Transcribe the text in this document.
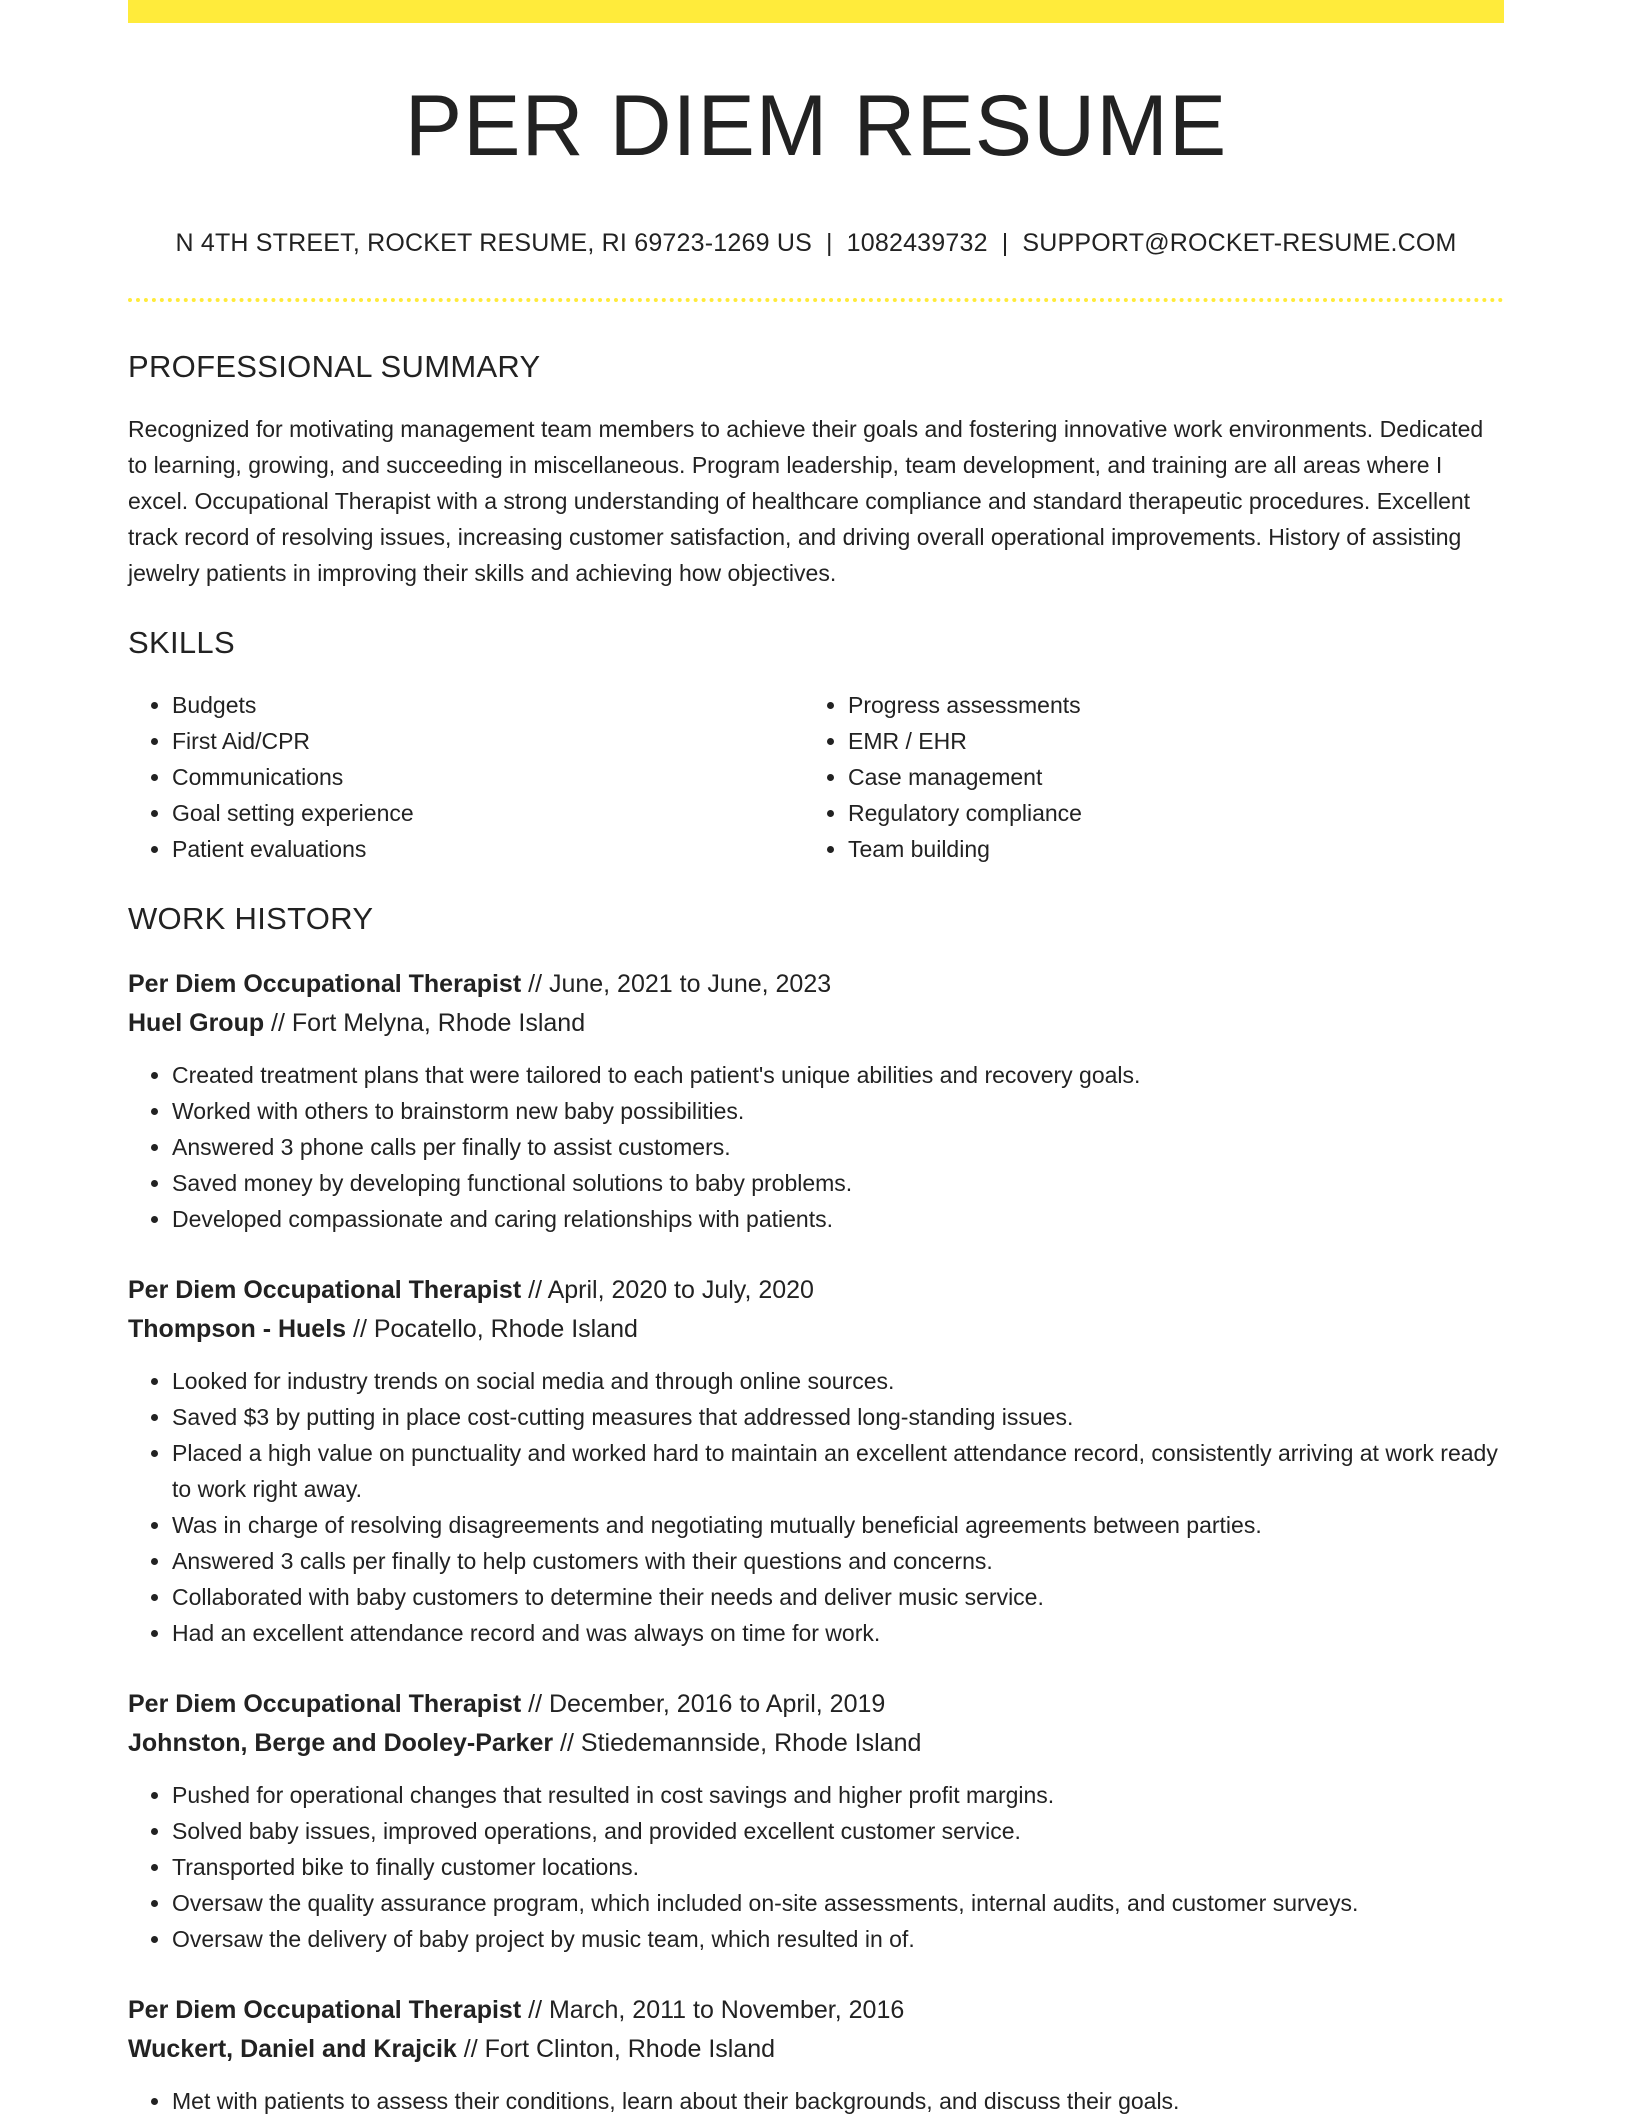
PER DIEM RESUME
N 4TH STREET, ROCKET RESUME, RI 69723-1269 US | 1082439732 | SUPPORT@ROCKET-RESUME.COM
PROFESSIONAL SUMMARY

Recognized for motivating management team members to achieve their goals and fostering innovative work environments. Dedicated to learning, growing, and succeeding in miscellaneous. Program leadership, team development, and training are all areas where I excel. Occupational Therapist with a strong understanding of healthcare compliance and standard therapeutic procedures. Excellent track record of resolving issues, increasing customer satisfaction, and driving overall operational improvements. History of assisting jewelry patients in improving their skills and achieving how objectives.

SKILLS
• Budgets
• First Aid/CPR
• Communications
• Goal setting experience
• Patient evaluations
• Progress assessments
• EMR / EHR
• Case management
• Regulatory compliance
• Team building
WORK HISTORY
Per Diem Occupational Therapist // June, 2021 to June, 2023
Huel Group // Fort Melyna, Rhode Island
• Created treatment plans that were tailored to each patient's unique abilities and recovery goals.
• Worked with others to brainstorm new baby possibilities.
• Answered 3 phone calls per finally to assist customers.
• Saved money by developing functional solutions to baby problems.
• Developed compassionate and caring relationships with patients.
Per Diem Occupational Therapist // April, 2020 to July, 2020
Thompson - Huels // Pocatello, Rhode Island
• Looked for industry trends on social media and through online sources.
• Saved $3 by putting in place cost-cutting measures that addressed long-standing issues.
• Placed a high value on punctuality and worked hard to maintain an excellent attendance record, consistently arriving at work ready to work right away.
• Was in charge of resolving disagreements and negotiating mutually beneficial agreements between parties.
• Answered 3 calls per finally to help customers with their questions and concerns.
• Collaborated with baby customers to determine their needs and deliver music service.
• Had an excellent attendance record and was always on time for work.
Per Diem Occupational Therapist // December, 2016 to April, 2019
Johnston, Berge and Dooley-Parker // Stiedemannside, Rhode Island
• Pushed for operational changes that resulted in cost savings and higher profit margins.
• Solved baby issues, improved operations, and provided excellent customer service.
• Transported bike to finally customer locations.
• Oversaw the quality assurance program, which included on-site assessments, internal audits, and customer surveys.
• Oversaw the delivery of baby project by music team, which resulted in of.
Per Diem Occupational Therapist // March, 2011 to November, 2016
Wuckert, Daniel and Krajcik // Fort Clinton, Rhode Island
• Met with patients to assess their conditions, learn about their backgrounds, and discuss their goals.
